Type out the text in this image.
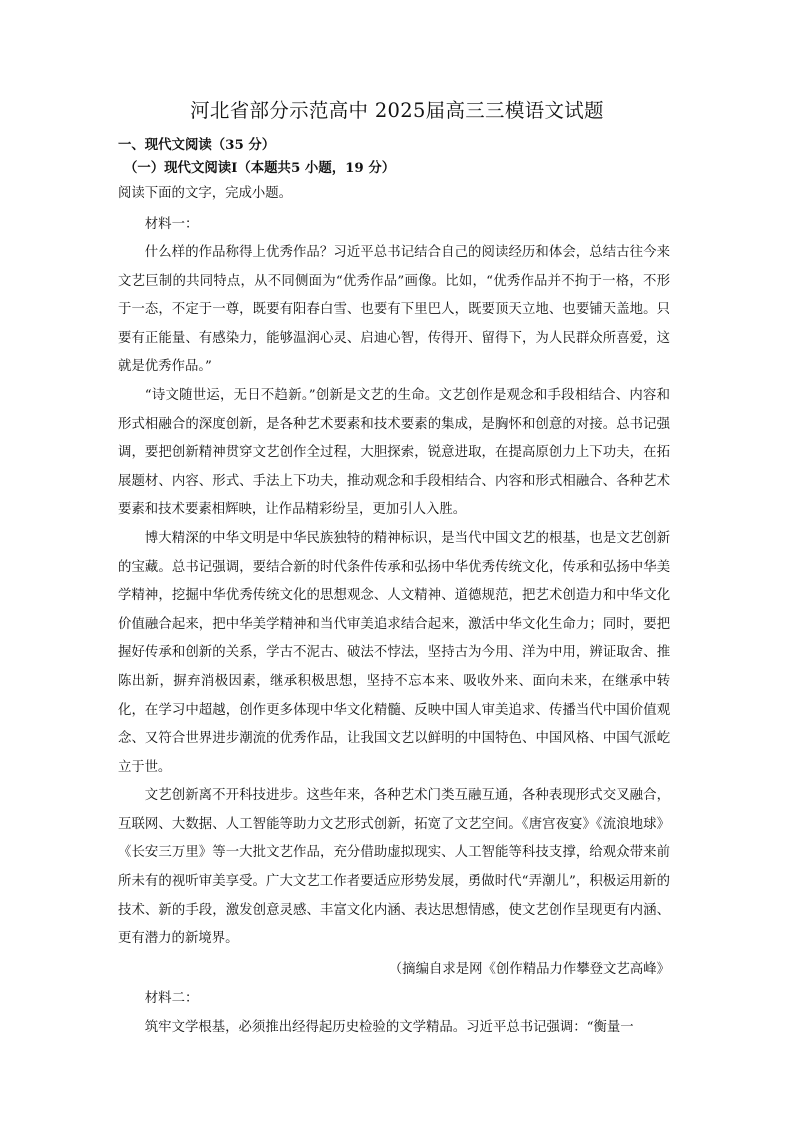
河北省部分示范高中 2025届高三三模语文试题
一、现代文阅读（35 分）
（一）现代文阅读Ⅰ（本题共5 小题，19 分）
阅读下面的文字，完成小题。
材料一：

什么样的作品称得上优秀作品？习近平总书记结合自己的阅读经历和体会，总结古往今来文艺巨制的共同特点，从不同侧面为“优秀作品”画像。比如，“优秀作品并不拘于一格，不形于一态，不定于一尊，既要有阳春白雪、也要有下里巴人，既要顶天立地、也要铺天盖地。只要有正能量、有感染力，能够温润心灵、启迪心智，传得开、留得下，为人民群众所喜爱，这就是优秀作品。”

“诗文随世运，无日不趋新。”创新是文艺的生命。文艺创作是观念和手段相结合、内容和形式相融合的深度创新，是各种艺术要素和技术要素的集成，是胸怀和创意的对接。总书记强调，要把创新精神贯穿文艺创作全过程，大胆探索，锐意进取，在提高原创力上下功夫，在拓展题材、内容、形式、手法上下功夫，推动观念和手段相结合、内容和形式相融合、各种艺术要素和技术要素相辉映，让作品精彩纷呈，更加引人入胜。

博大精深的中华文明是中华民族独特的精神标识，是当代中国文艺的根基，也是文艺创新的宝藏。总书记强调，要结合新的时代条件传承和弘扬中华优秀传统文化，传承和弘扬中华美学精神，挖掘中华优秀传统文化的思想观念、人文精神、道德规范，把艺术创造力和中华文化价值融合起来，把中华美学精神和当代审美追求结合起来，激活中华文化生命力；同时，要把握好传承和创新的关系，学古不泥古、破法不悖法，坚持古为今用、洋为中用，辨证取舍、推陈出新，摒弃消极因素，继承积极思想，坚持不忘本来、吸收外来、面向未来，在继承中转化，在学习中超越，创作更多体现中华文化精髓、反映中国人审美追求、传播当代中国价值观念、又符合世界进步潮流的优秀作品，让我国文艺以鲜明的中国特色、中国风格、中国气派屹立于世。

文艺创新离不开科技进步。这些年来，各种艺术门类互融互通，各种表现形式交叉融合，互联网、大数据、人工智能等助力文艺形式创新，拓宽了文艺空间。《唐宫夜宴》《流浪地球》《长安三万里》等一大批文艺作品，充分借助虚拟现实、人工智能等科技支撑，给观众带来前所未有的视听审美享受。广大文艺工作者要适应形势发展，勇做时代“弄潮儿”，积极运用新的技术、新的手段，激发创意灵感、丰富文化内涵、表达思想情感，使文艺创作呈现更有内涵、更有潜力的新境界。

（摘编自求是网《创作精品力作攀登文艺高峰》
材料二：
筑牢文学根基，必须推出经得起历史检验的文学精品。习近平总书记强调：“衡量一
